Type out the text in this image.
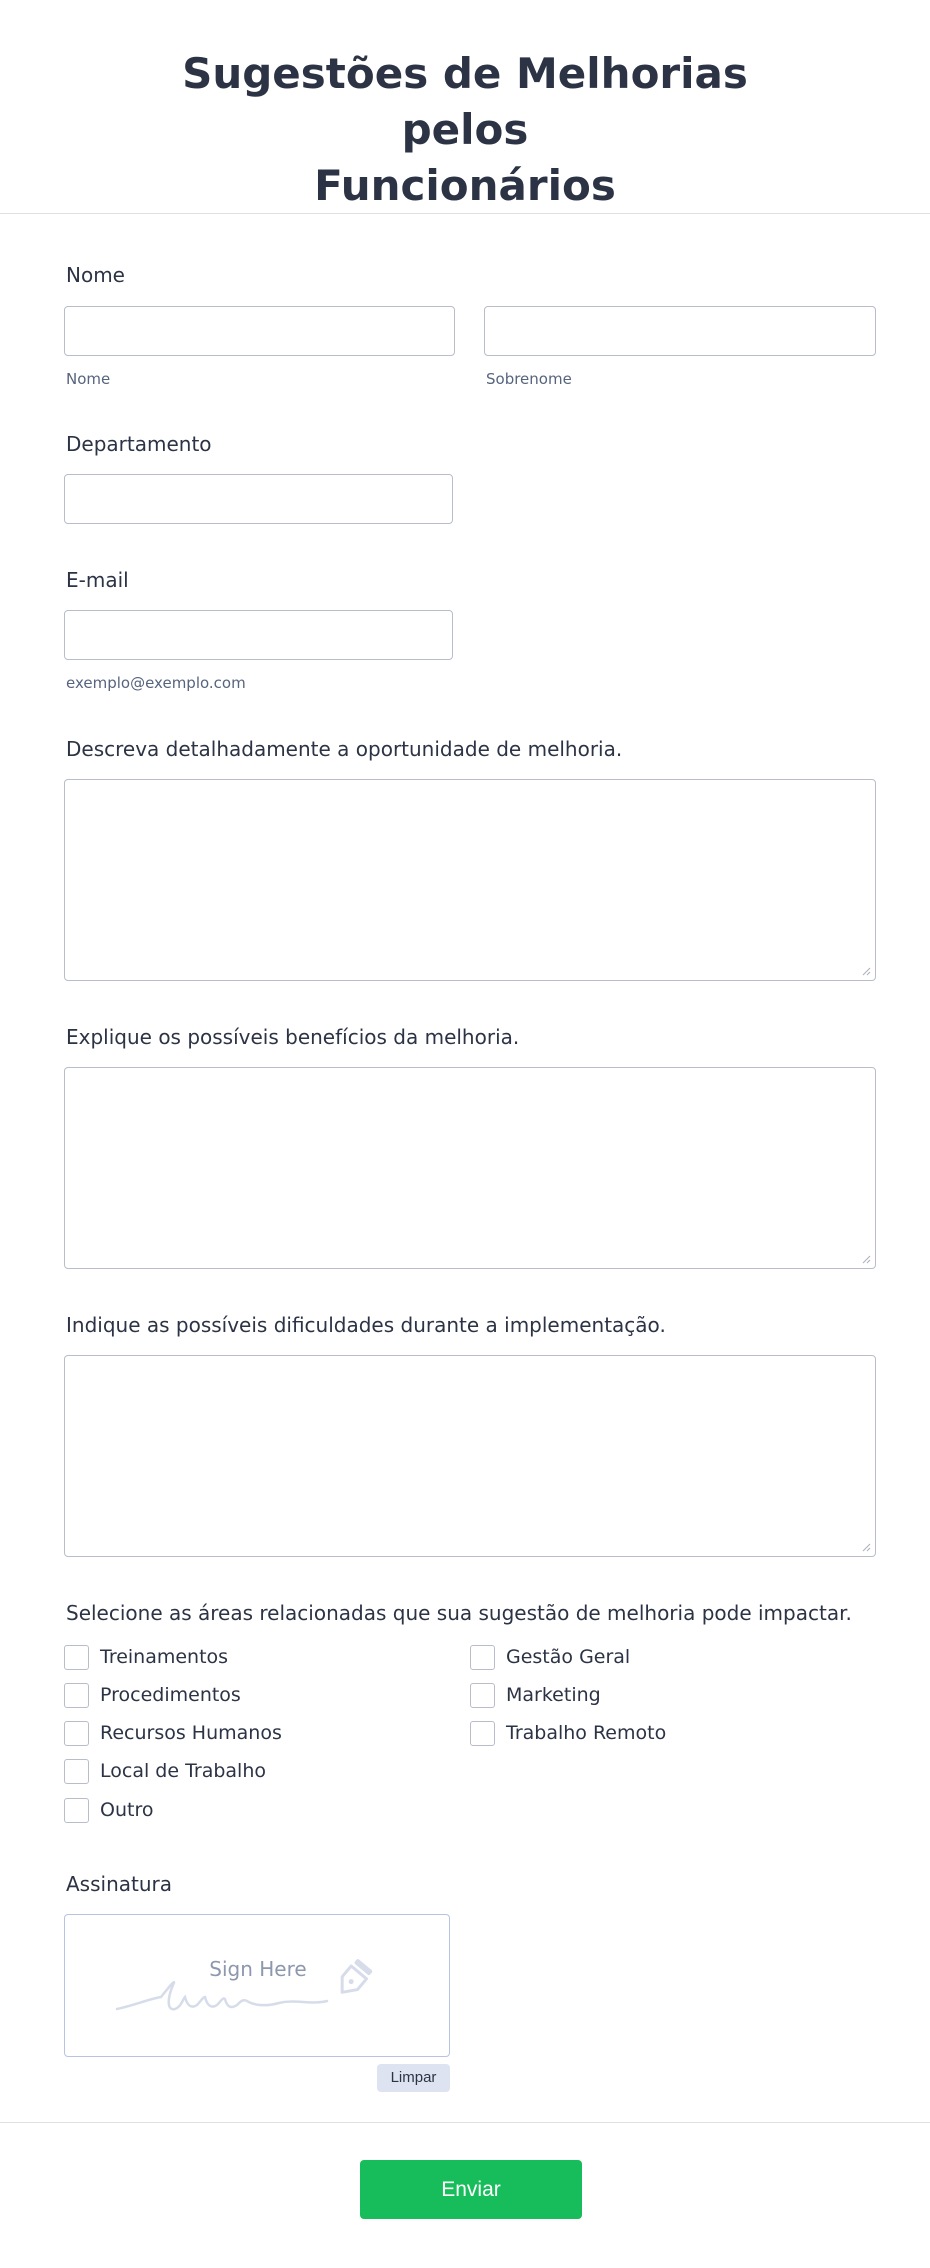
Sugestões de Melhorias pelos
Funcionários
Nome
Nome	Sobrenome
Departamento
E-mail
exemplo@exemplo.com
Descreva detalhadamente a oportunidade de melhoria.
Explique os possíveis benefícios da melhoria.
Indique as possíveis dificuldades durante a implementação.
Selecione as áreas relacionadas que sua sugestão de melhoria pode impactar.
Treinamentos
Procedimentos
Recursos Humanos
Local de Trabalho
Outro
Gestão Geral
Marketing
Trabalho Remoto
Assinatura
Sign Here
Limpar
Enviar
